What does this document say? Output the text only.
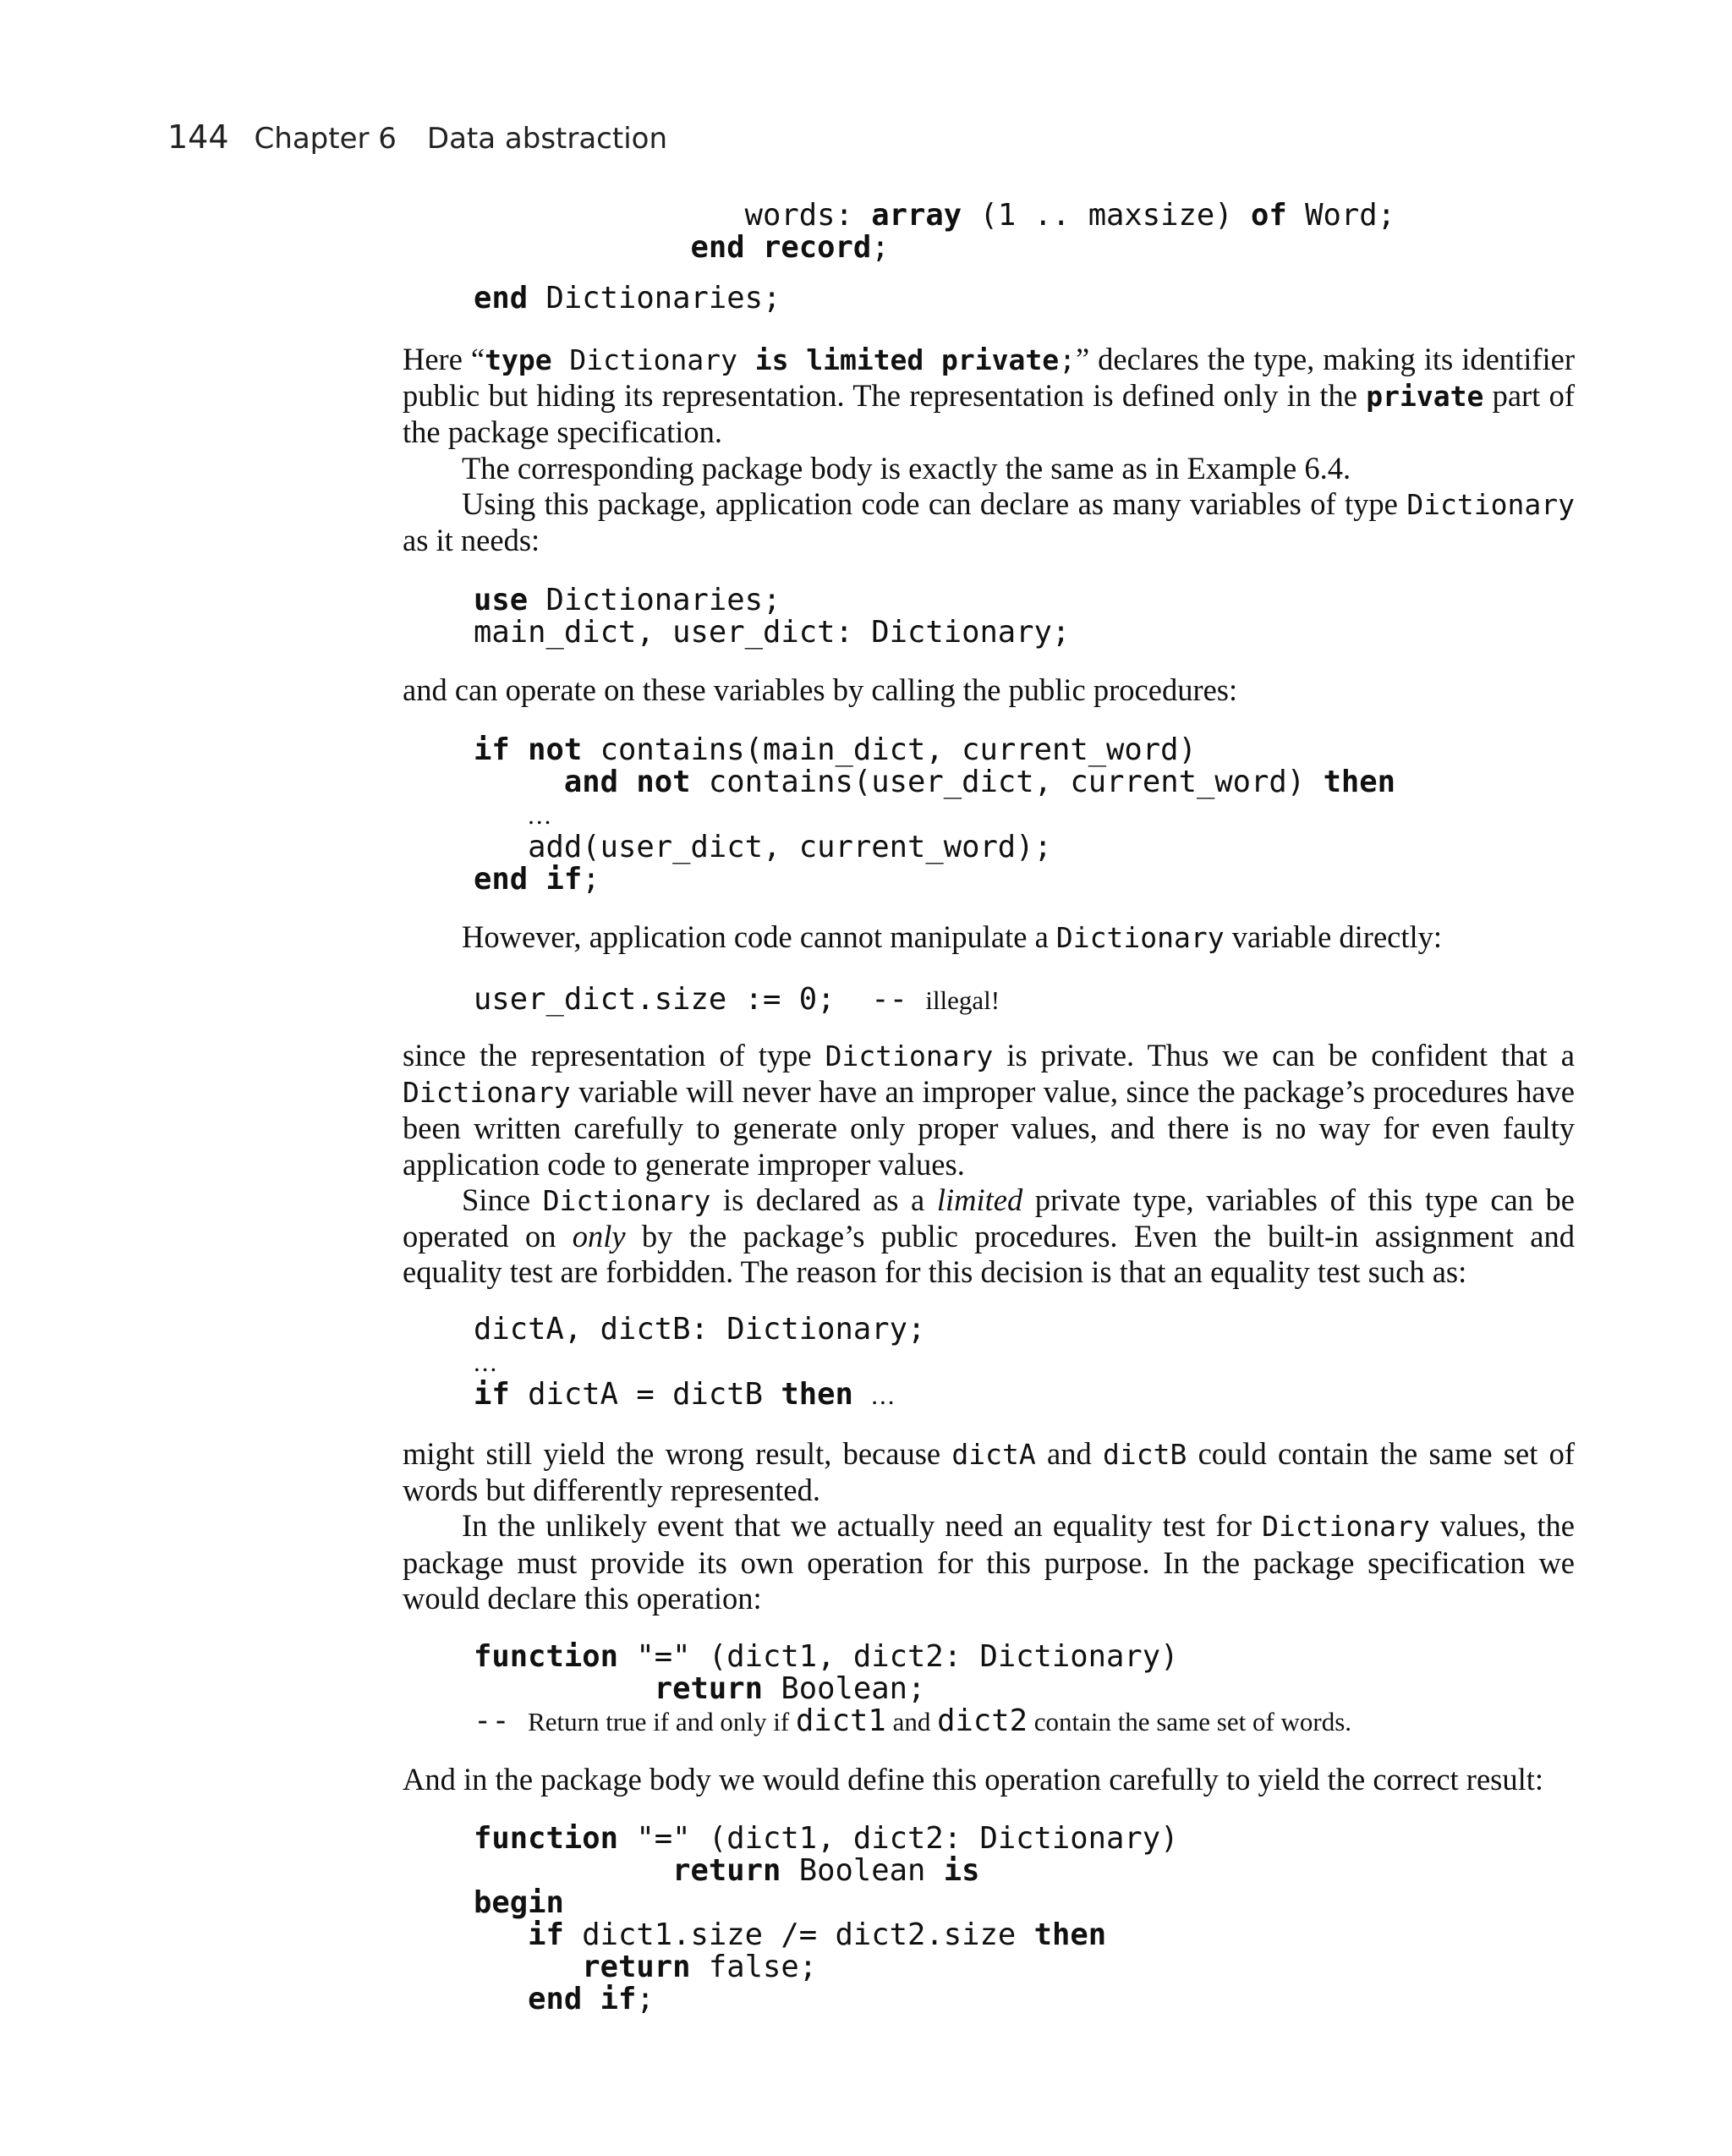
144 Chapter 6 Data abstraction
words: array (1 .. maxsize) of Word;
end record;
end Dictionaries;
Here “type Dictionary is limited private;” declares the type, making its identifier public but hiding its representation. The representation is defined only in the private part of the package specification.
The corresponding package body is exactly the same as in Example 6.4.
Using this package, application code can declare as many variables of type Dictionary as it needs:
use Dictionaries;
main_dict, user_dict: Dictionary;
and can operate on these variables by calling the public procedures:
if not contains(main_dict, current_word)
and not contains(user_dict, current_word) then
...
add(user_dict, current_word);
end if;
However, application code cannot manipulate a Dictionary variable directly:
user_dict.size := 0;  -- illegal!
since the representation of type Dictionary is private. Thus we can be confident that a Dictionary variable will never have an improper value, since the package’s procedures have been written carefully to generate only proper values, and there is no way for even faulty application code to generate improper values.
Since Dictionary is declared as a limited private type, variables of this type can be operated on only by the package’s public procedures. Even the built-in assignment and equality test are forbidden. The reason for this decision is that an equality test such as:
dictA, dictB: Dictionary;
...
if dictA = dictB then ...
might still yield the wrong result, because dictA and dictB could contain the same set of words but differently represented.
In the unlikely event that we actually need an equality test for Dictionary values, the package must provide its own operation for this purpose. In the package specification we would declare this operation:
function "=" (dict1, dict2: Dictionary)
return Boolean;
-- Return true if and only if dict1 and dict2 contain the same set of words.
And in the package body we would define this operation carefully to yield the correct result:
function "=" (dict1, dict2: Dictionary)
return Boolean is
begin
if dict1.size /= dict2.size then
return false;
end if;
